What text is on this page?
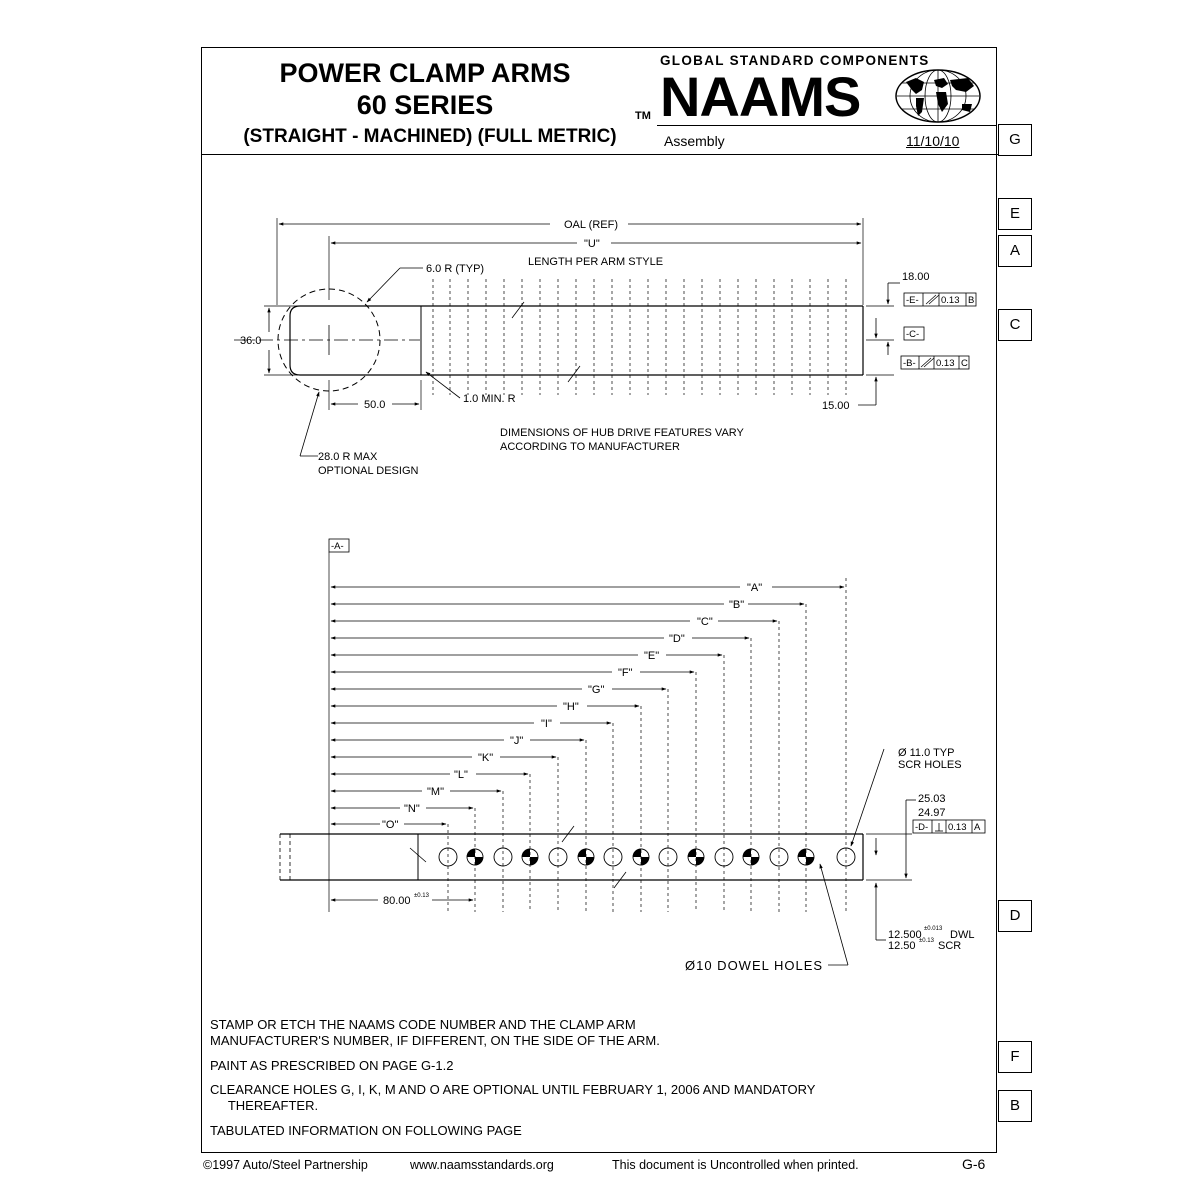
POWER CLAMP ARMS
60 SERIES
(STRAIGHT - MACHINED) (FULL METRIC)
GLOBAL STANDARD COMPONENTS
NAAMS
TM
Assembly	11/10/10	G
E
A
C
D
F
B
OAL (REF)
"U"
LENGTH PER ARM STYLE
6.0 R (TYP)
36.0
50.0	1.0 MIN. R
15.00
18.00
-E- 0.13 B
-C-
-B- 0.13 C
28.0 R MAX
OPTIONAL DESIGN
DIMENSIONS OF HUB DRIVE FEATURES VARY
ACCORDING TO MANUFACTURER
-A-
"A"
"B"
"C"
"D"
"E"
"F"
"G"
"H"
"I"
"J"
"K"
"L"
"M"
"N"
"O"
Ø 11.0 TYP
SCR HOLES
25.03
24.97
-D- 0.13 A
80.00 ±0.13
12.500 ±0.013 DWL
12.50 ±0.13 SCR
Ø10 DOWEL HOLES
STAMP OR ETCH THE NAAMS CODE NUMBER AND THE CLAMP ARM
MANUFACTURER'S NUMBER, IF DIFFERENT, ON THE SIDE OF THE ARM.
PAINT AS PRESCRIBED ON PAGE G-1.2
CLEARANCE HOLES G, I, K, M AND O ARE OPTIONAL UNTIL FEBRUARY 1, 2006 AND MANDATORY
THEREAFTER.
TABULATED INFORMATION ON FOLLOWING PAGE
©1997 Auto/Steel Partnership	www.naamsstandards.org	This document is Uncontrolled when printed.	G-6
